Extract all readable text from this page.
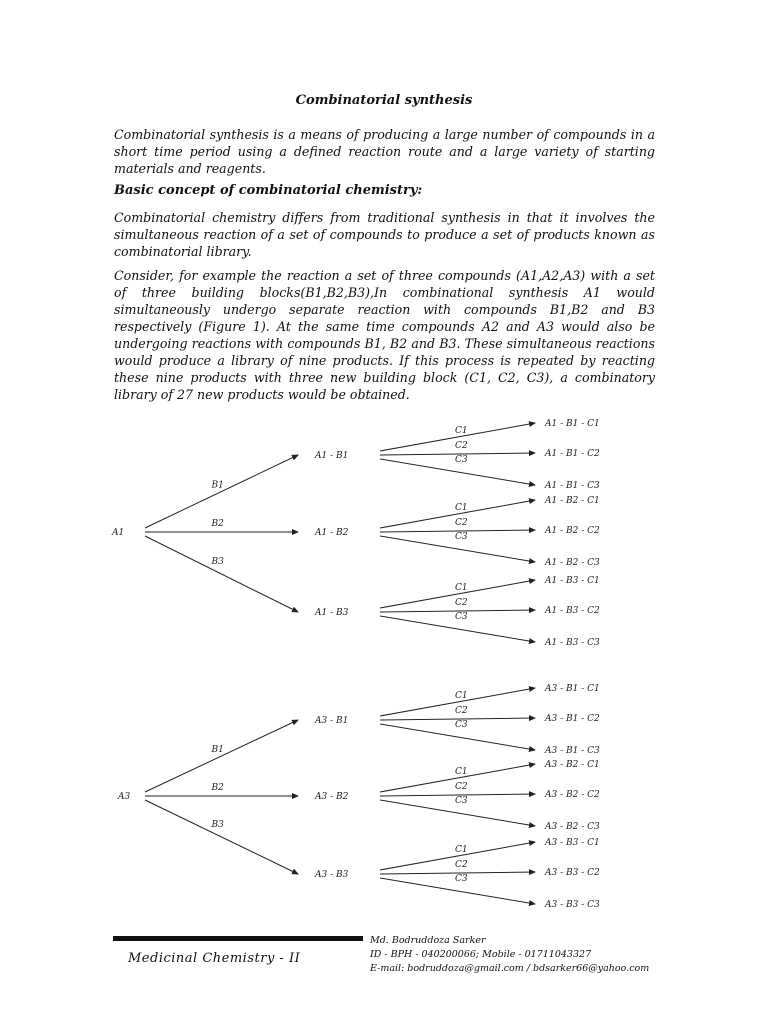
Combinatorial synthesis
Combinatorial synthesis is a means of producing a large number of compounds in a short time period using a defined reaction route and a large variety of starting materials and reagents.
Basic concept of combinatorial chemistry:
Combinatorial chemistry differs from traditional synthesis in that it involves the simultaneous reaction of a set of compounds to produce a set of products known as combinatorial library.
Consider, for example the reaction a set of three compounds (A1,A2,A3) with a set of three building blocks(B1,B2,B3),In combinational synthesis A1 would simultaneously undergo separate reaction with compounds B1,B2 and B3 respectively (Figure 1). At the same time compounds A2 and A3 would also be undergoing reactions with compounds B1, B2 and B3. These simultaneous reactions would produce a library of nine products. If this process is repeated by reacting these nine products with three new building block (C1, C2, C3), a combinatory library of 27 new products would be obtained.
A1
B1
A1 - B1
C1
A1 - B1 - C1
C2
A1 - B1 - C2
C3
A1 - B1 - C3
B2
A1 - B2
C1
A1 - B2 - C1
C2
A1 - B2 - C2
C3
A1 - B2 - C3
B3
A1 - B3
C1
A1 - B3 - C1
C2
A1 - B3 - C2
C3
A1 - B3 - C3
A3
B1
A3 - B1
C1
A3 - B1 - C1
C2
A3 - B1 - C2
C3
A3 - B1 - C3
B2
A3 - B2
C1
A3 - B2 - C1
C2
A3 - B2 - C2
C3
A3 - B2 - C3
B3
A3 - B3
C1
A3 - B3 - C1
C2
A3 - B3 - C2
C3
A3 - B3 - C3
Medicinal Chemistry - II
Md. Bodruddoza Sarker
ID - BPH - 040200066; Mobile - 01711043327
E-mail: bodruddoza@gmail.com / bdsarker66@yahoo.com
